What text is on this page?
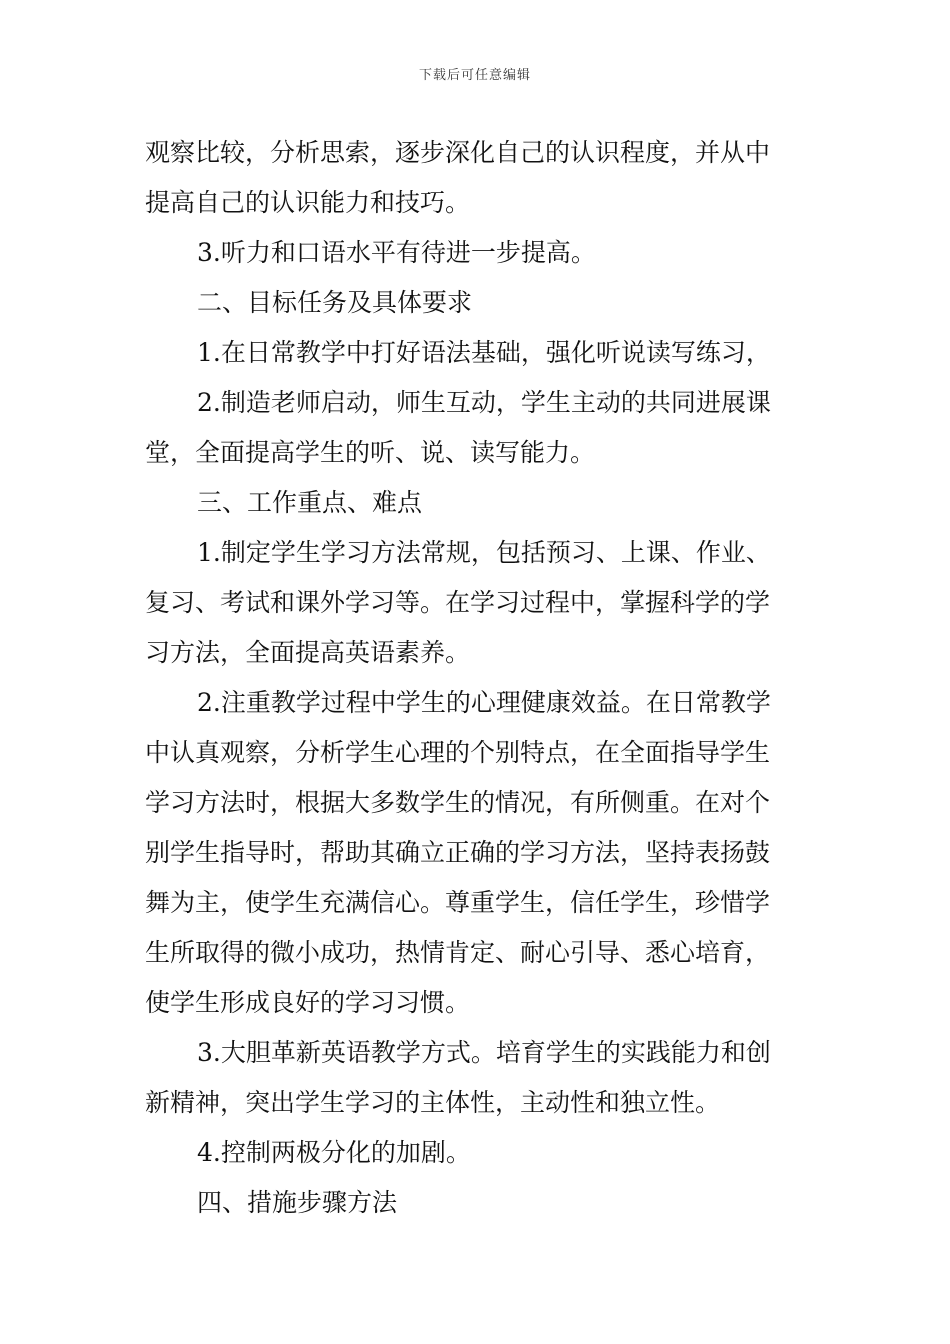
下载后可任意编辑
观察比较，分析思索，逐步深化自己的认识程度，并从中
提高自己的认识能力和技巧。
3.听力和口语水平有待进一步提高。
二、目标任务及具体要求
1.在日常教学中打好语法基础，强化听说读写练习，
2.制造老师启动，师生互动，学生主动的共同进展课
堂，全面提高学生的听、说、读写能力。
三、工作重点、难点
1.制定学生学习方法常规，包括预习、上课、作业、
复习、考试和课外学习等。在学习过程中，掌握科学的学
习方法，全面提高英语素养。
2.注重教学过程中学生的心理健康效益。在日常教学
中认真观察，分析学生心理的个别特点，在全面指导学生
学习方法时，根据大多数学生的情况，有所侧重。在对个
别学生指导时，帮助其确立正确的学习方法，坚持表扬鼓
舞为主，使学生充满信心。尊重学生，信任学生，珍惜学
生所取得的微小成功，热情肯定、耐心引导、悉心培育，
使学生形成良好的学习习惯。
3.大胆革新英语教学方式。培育学生的实践能力和创
新精神，突出学生学习的主体性，主动性和独立性。
4.控制两极分化的加剧。
四、措施步骤方法
